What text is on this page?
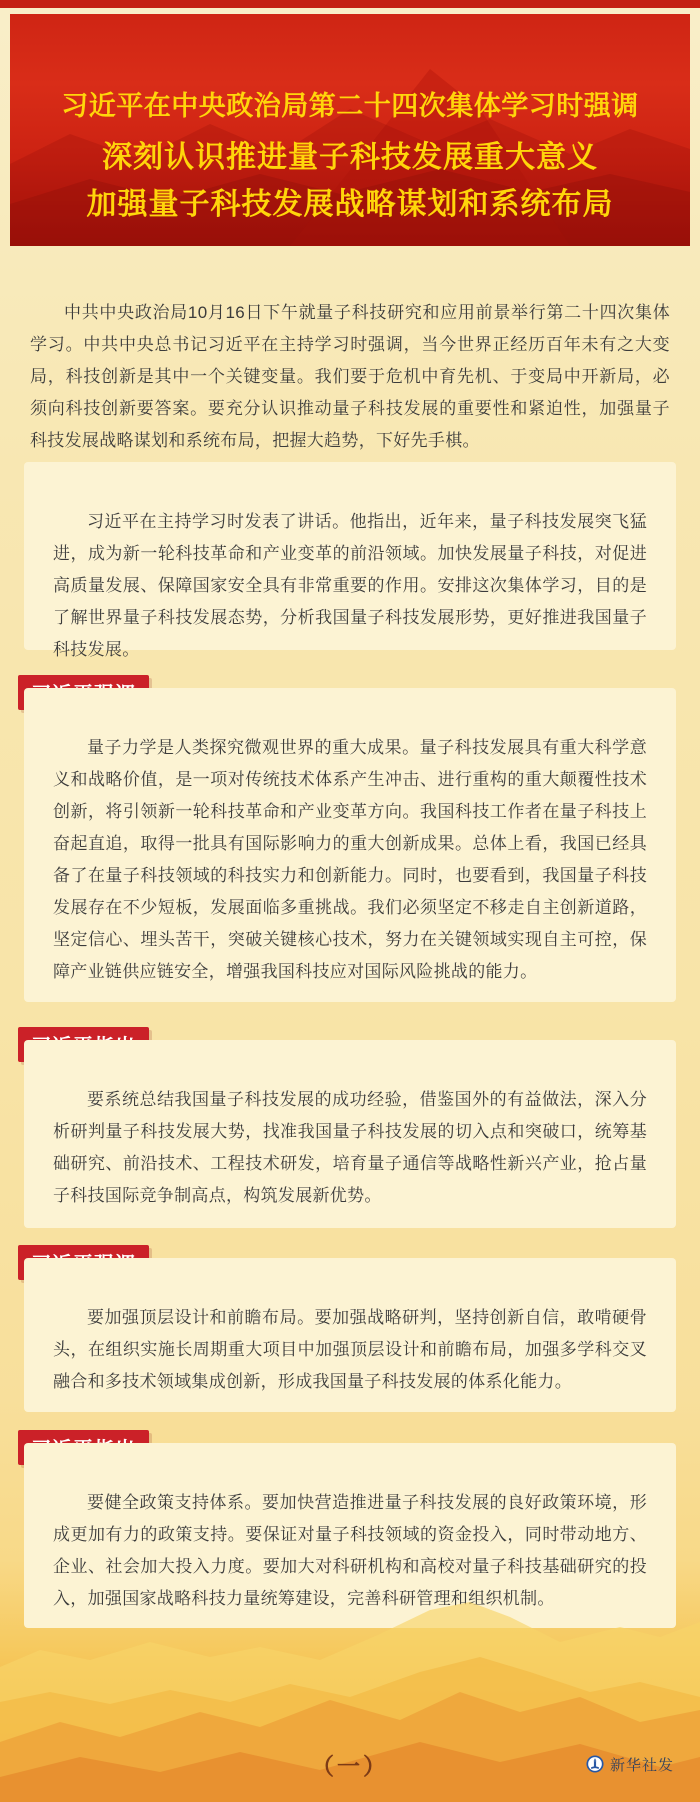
习近平在中央政治局第二十四次集体学习时强调
深刻认识推进量子科技发展重大意义
加强量子科技发展战略谋划和系统布局
中共中央政治局10月16日下午就量子科技研究和应用前景举行第二十四次集体学习。中共中央总书记习近平在主持学习时强调，当今世界正经历百年未有之大变局，科技创新是其中一个关键变量。我们要于危机中育先机、于变局中开新局，必须向科技创新要答案。要充分认识推动量子科技发展的重要性和紧迫性，加强量子科技发展战略谋划和系统布局，把握大趋势，下好先手棋。
习近平在主持学习时发表了讲话。他指出，近年来，量子科技发展突飞猛进，成为新一轮科技革命和产业变革的前沿领域。加快发展量子科技，对促进高质量发展、保障国家安全具有非常重要的作用。安排这次集体学习，目的是了解世界量子科技发展态势，分析我国量子科技发展形势，更好推进我国量子科技发展。
量子力学是人类探究微观世界的重大成果。量子科技发展具有重大科学意义和战略价值，是一项对传统技术体系产生冲击、进行重构的重大颠覆性技术创新，将引领新一轮科技革命和产业变革方向。我国科技工作者在量子科技上奋起直追，取得一批具有国际影响力的重大创新成果。总体上看，我国已经具备了在量子科技领域的科技实力和创新能力。同时，也要看到，我国量子科技发展存在不少短板，发展面临多重挑战。我们必须坚定不移走自主创新道路，坚定信心、埋头苦干，突破关键核心技术，努力在关键领域实现自主可控，保障产业链供应链安全，增强我国科技应对国际风险挑战的能力。
要系统总结我国量子科技发展的成功经验，借鉴国外的有益做法，深入分析研判量子科技发展大势，找准我国量子科技发展的切入点和突破口，统筹基础研究、前沿技术、工程技术研发，培育量子通信等战略性新兴产业，抢占量子科技国际竞争制高点，构筑发展新优势。
要加强顶层设计和前瞻布局。要加强战略研判，坚持创新自信，敢啃硬骨头，在组织实施长周期重大项目中加强顶层设计和前瞻布局，加强多学科交叉融合和多技术领域集成创新，形成我国量子科技发展的体系化能力。
要健全政策支持体系。要加快营造推进量子科技发展的良好政策环境，形成更加有力的政策支持。要保证对量子科技领域的资金投入，同时带动地方、企业、社会加大投入力度。要加大对科研机构和高校对量子科技基础研究的投入，加强国家战略科技力量统筹建设，完善科研管理和组织机制。
（一）	新华社发
